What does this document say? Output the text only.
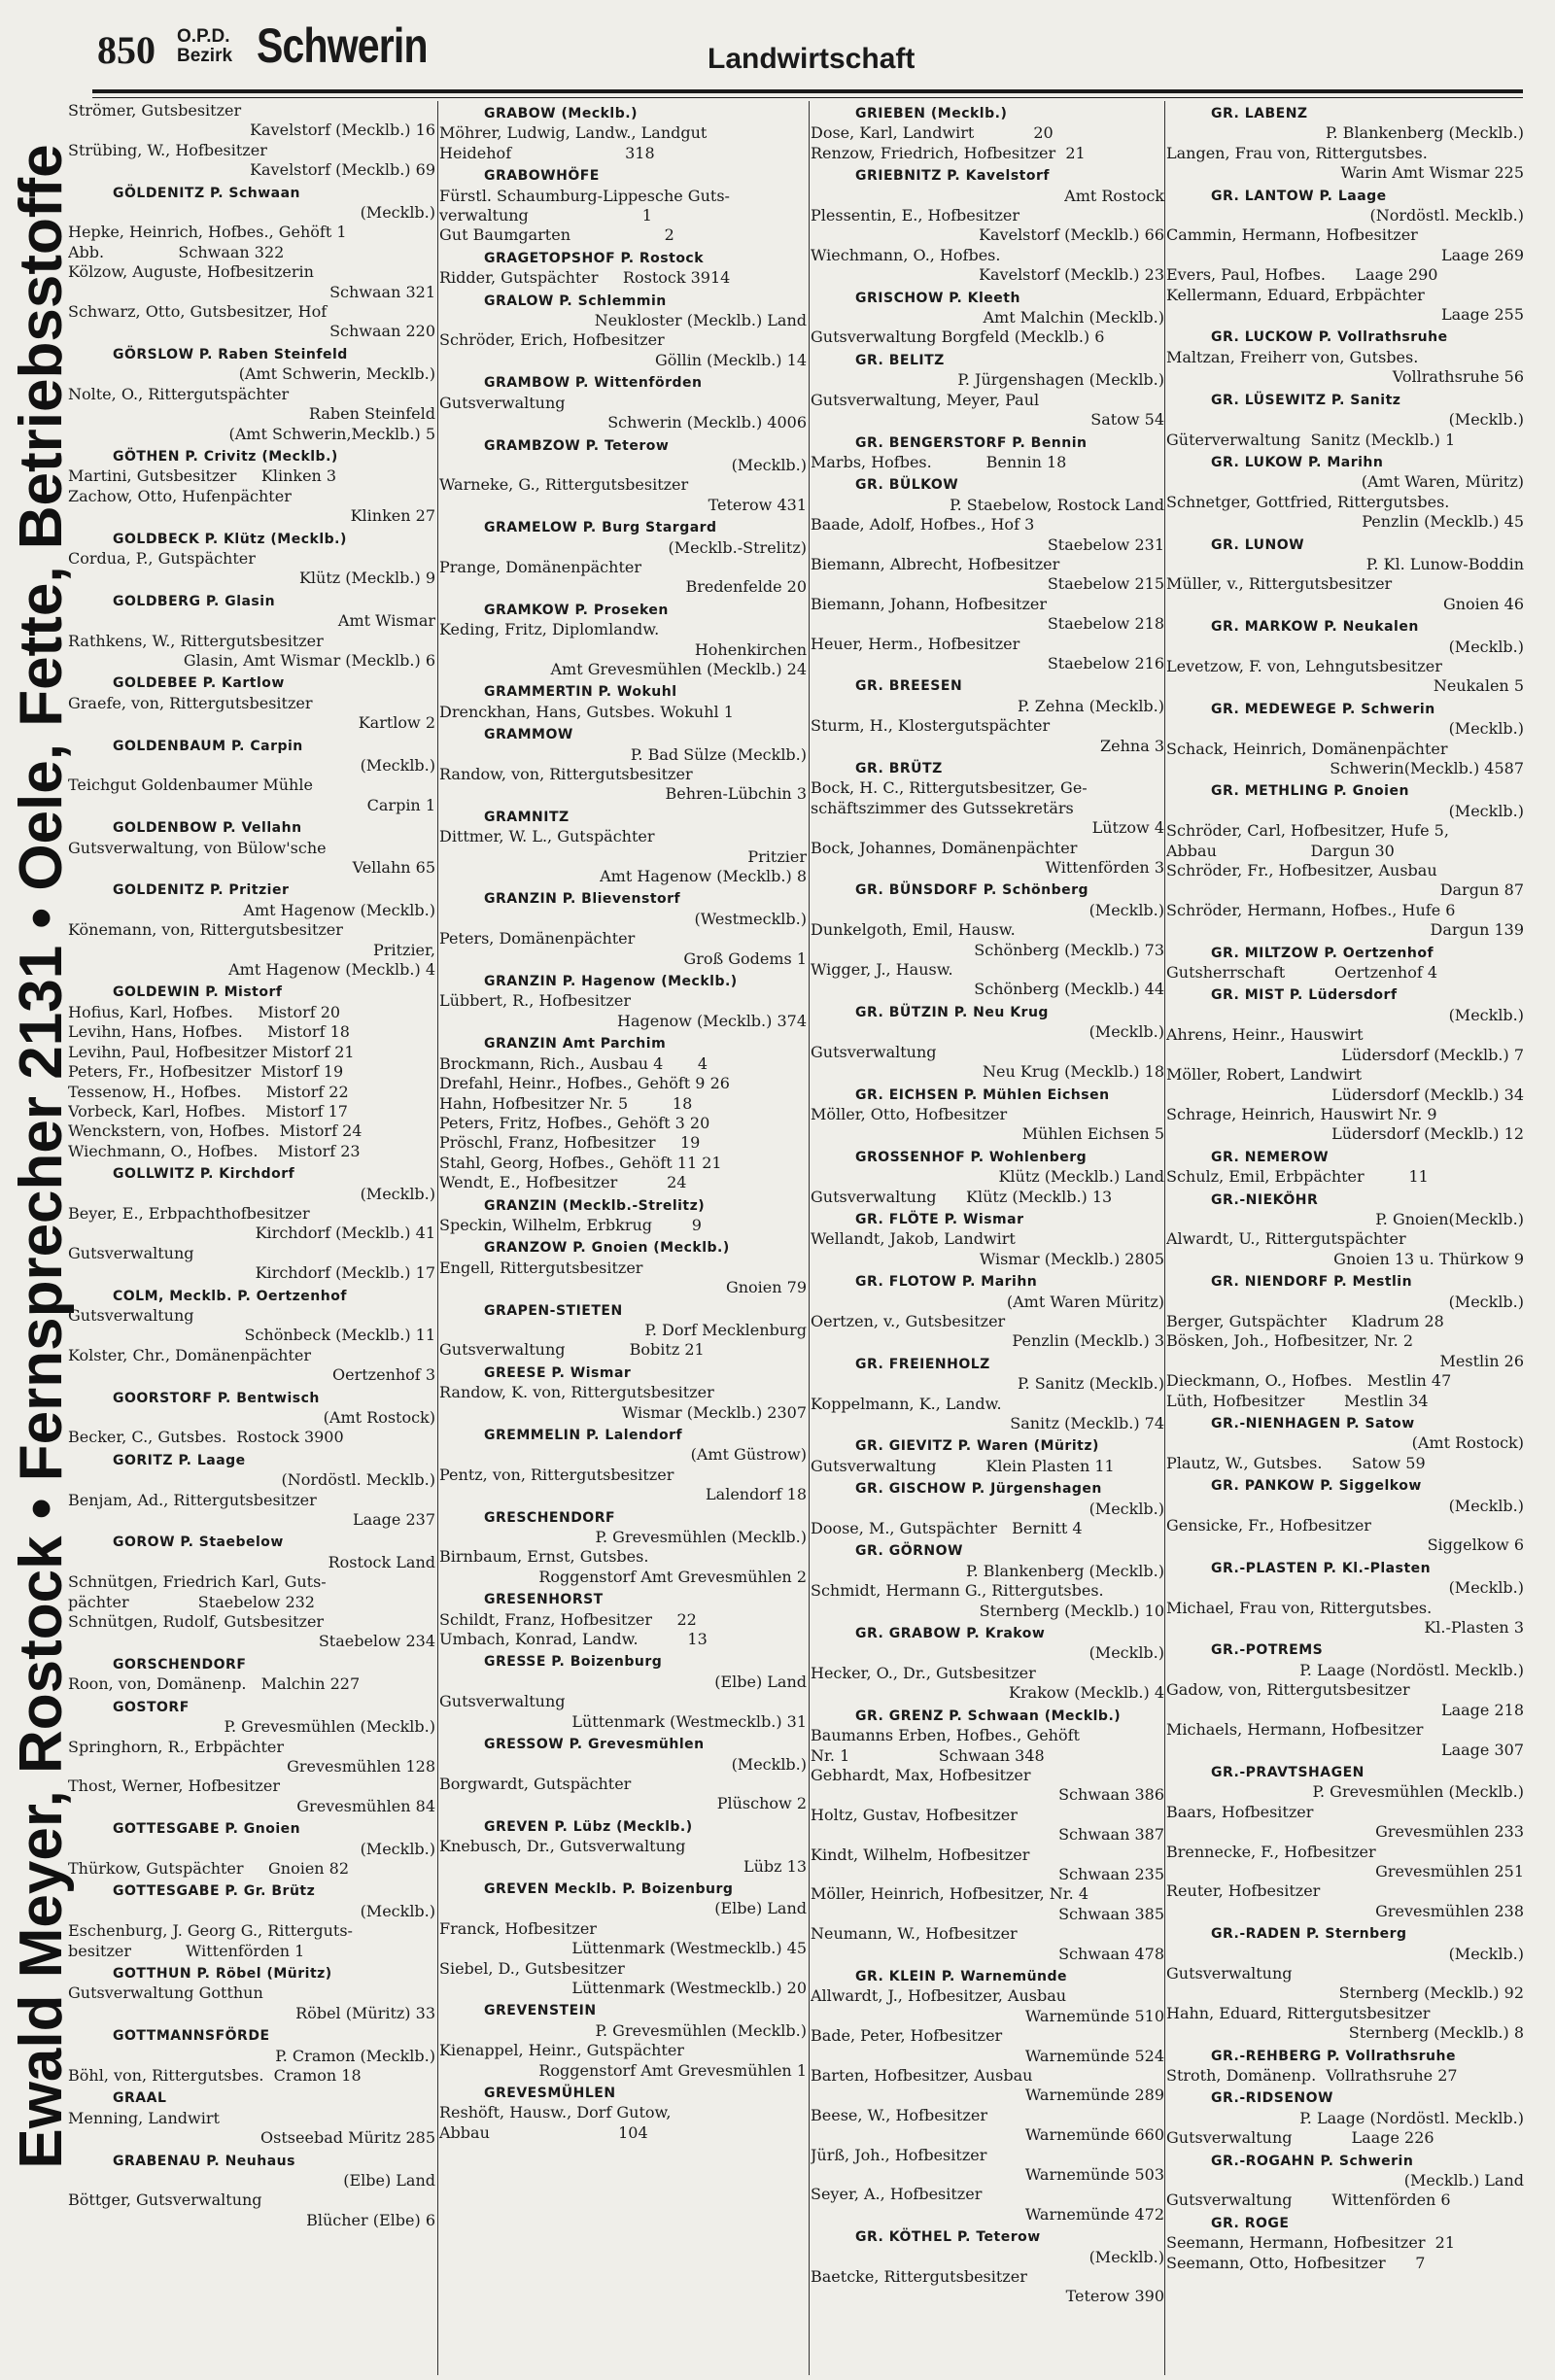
850 O.P.D.
Bezirk Schwerin	Landwirtschaft
Ewald Meyer, Rostock • Fernsprecher 2131 • Oele, Fette, Betriebsstoffe
Strömer, Gutsbesitzer
Kavelstorf (Mecklb.) 16
Strübing, W., Hofbesitzer
Kavelstorf (Mecklb.) 69
GÖLDENITZ P. Schwaan
(Mecklb.)
Hepke, Heinrich, Hofbes., Gehöft 1
Abb.               Schwaan 322
Kölzow, Auguste, Hofbesitzerin
Schwaan 321
Schwarz, Otto, Gutsbesitzer, Hof
Schwaan 220
GÖRSLOW P. Raben Steinfeld
(Amt Schwerin, Mecklb.)
Nolte, O., Rittergutspächter
Raben Steinfeld
(Amt Schwerin,Mecklb.) 5
GÖTHEN P. Crivitz (Mecklb.)
Martini, Gutsbesitzer     Klinken 3
Zachow, Otto, Hufenpächter
Klinken 27
GOLDBECK P. Klütz (Mecklb.)
Cordua, P., Gutspächter
Klütz (Mecklb.) 9
GOLDBERG P. Glasin
Amt Wismar
Rathkens, W., Rittergutsbesitzer
Glasin, Amt Wismar (Mecklb.) 6
GOLDEBEE P. Kartlow
Graefe, von, Rittergutsbesitzer
Kartlow 2
GOLDENBAUM P. Carpin
(Mecklb.)
Teichgut Goldenbaumer Mühle
Carpin 1
GOLDENBOW P. Vellahn
Gutsverwaltung, von Bülow'sche
Vellahn 65
GOLDENITZ P. Pritzier
Amt Hagenow (Mecklb.)
Könemann, von, Rittergutsbesitzer
Pritzier,
Amt Hagenow (Mecklb.) 4
GOLDEWIN P. Mistorf
Hofius, Karl, Hofbes.     Mistorf 20
Levihn, Hans, Hofbes.     Mistorf 18
Levihn, Paul, Hofbesitzer Mistorf 21
Peters, Fr., Hofbesitzer  Mistorf 19
Tessenow, H., Hofbes.     Mistorf 22
Vorbeck, Karl, Hofbes.    Mistorf 17
Wenckstern, von, Hofbes.  Mistorf 24
Wiechmann, O., Hofbes.    Mistorf 23
GOLLWITZ P. Kirchdorf
(Mecklb.)
Beyer, E., Erbpachthofbesitzer
Kirchdorf (Mecklb.) 41
Gutsverwaltung
Kirchdorf (Mecklb.) 17
COLM, Mecklb. P. Oertzenhof
Gutsverwaltung
Schönbeck (Mecklb.) 11
Kolster, Chr., Domänenpächter
Oertzenhof 3
GOORSTORF P. Bentwisch
(Amt Rostock)
Becker, C., Gutsbes.  Rostock 3900
GORITZ P. Laage
(Nordöstl. Mecklb.)
Benjam, Ad., Rittergutsbesitzer
Laage 237
GOROW P. Staebelow
Rostock Land
Schnütgen, Friedrich Karl, Guts-
pächter              Staebelow 232
Schnütgen, Rudolf, Gutsbesitzer
Staebelow 234
GORSCHENDORF
Roon, von, Domänenp.   Malchin 227
GOSTORF
P. Grevesmühlen (Mecklb.)
Springhorn, R., Erbpächter
Grevesmühlen 128
Thost, Werner, Hofbesitzer
Grevesmühlen 84
GOTTESGABE P. Gnoien
(Mecklb.)
Thürkow, Gutspächter     Gnoien 82
GOTTESGABE P. Gr. Brütz
(Mecklb.)
Eschenburg, J. Georg G., Ritterguts-
besitzer           Wittenförden 1
GOTTHUN P. Röbel (Müritz)
Gutsverwaltung Gotthun
Röbel (Müritz) 33
GOTTMANNSFÖRDE
P. Cramon (Mecklb.)
Böhl, von, Rittergutsbes.  Cramon 18
GRAAL
Menning, Landwirt
Ostseebad Müritz 285
GRABENAU P. Neuhaus
(Elbe) Land
Böttger, Gutsverwaltung
Blücher (Elbe) 6
GRABOW (Mecklb.)
Möhrer, Ludwig, Landw., Landgut
Heidehof                       318
GRABOWHÖFE
Fürstl. Schaumburg-Lippesche Guts-
verwaltung                       1
Gut Baumgarten                   2
GRAGETOPSHOF P. Rostock
Ridder, Gutspächter     Rostock 3914
GRALOW P. Schlemmin
Neukloster (Mecklb.) Land
Schröder, Erich, Hofbesitzer
Göllin (Mecklb.) 14
GRAMBOW P. Wittenförden
Gutsverwaltung
Schwerin (Mecklb.) 4006
GRAMBZOW P. Teterow
(Mecklb.)
Warneke, G., Rittergutsbesitzer
Teterow 431
GRAMELOW P. Burg Stargard
(Mecklb.-Strelitz)
Prange, Domänenpächter
Bredenfelde 20
GRAMKOW P. Proseken
Keding, Fritz, Diplomlandw.
Hohenkirchen
Amt Grevesmühlen (Mecklb.) 24
GRAMMERTIN P. Wokuhl
Drenckhan, Hans, Gutsbes. Wokuhl 1
GRAMMOW
P. Bad Sülze (Mecklb.)
Randow, von, Rittergutsbesitzer
Behren-Lübchin 3
GRAMNITZ
Dittmer, W. L., Gutspächter
Pritzier
Amt Hagenow (Mecklb.) 8
GRANZIN P. Blievenstorf
(Westmecklb.)
Peters, Domänenpächter
Groß Godems 1
GRANZIN P. Hagenow (Mecklb.)
Lübbert, R., Hofbesitzer
Hagenow (Mecklb.) 374
GRANZIN Amt Parchim
Brockmann, Rich., Ausbau 4       4
Drefahl, Heinr., Hofbes., Gehöft 9 26
Hahn, Hofbesitzer Nr. 5         18
Peters, Fritz, Hofbes., Gehöft 3 20
Pröschl, Franz, Hofbesitzer     19
Stahl, Georg, Hofbes., Gehöft 11 21
Wendt, E., Hofbesitzer          24
GRANZIN (Mecklb.-Strelitz)
Speckin, Wilhelm, Erbkrug        9
GRANZOW P. Gnoien (Mecklb.)
Engell, Rittergutsbesitzer
Gnoien 79
GRAPEN-STIETEN
P. Dorf Mecklenburg
Gutsverwaltung             Bobitz 21
GREESE P. Wismar
Randow, K. von, Rittergutsbesitzer
Wismar (Mecklb.) 2307
GREMMELIN P. Lalendorf
(Amt Güstrow)
Pentz, von, Rittergutsbesitzer
Lalendorf 18
GRESCHENDORF
P. Grevesmühlen (Mecklb.)
Birnbaum, Ernst, Gutsbes.
Roggenstorf Amt Grevesmühlen 2
GRESENHORST
Schildt, Franz, Hofbesitzer     22
Umbach, Konrad, Landw.          13
GRESSE P. Boizenburg
(Elbe) Land
Gutsverwaltung
Lüttenmark (Westmecklb.) 31
GRESSOW P. Grevesmühlen
(Mecklb.)
Borgwardt, Gutspächter
Plüschow 2
GREVEN P. Lübz (Mecklb.)
Knebusch, Dr., Gutsverwaltung
Lübz 13
GREVEN Mecklb. P. Boizenburg
(Elbe) Land
Franck, Hofbesitzer
Lüttenmark (Westmecklb.) 45
Siebel, D., Gutsbesitzer
Lüttenmark (Westmecklb.) 20
GREVENSTEIN
P. Grevesmühlen (Mecklb.)
Kienappel, Heinr., Gutspächter
Roggenstorf Amt Grevesmühlen 1
GREVESMÜHLEN
Reshöft, Hausw., Dorf Gutow,
Abbau                          104
GRIEBEN (Mecklb.)
Dose, Karl, Landwirt            20
Renzow, Friedrich, Hofbesitzer  21
GRIEBNITZ P. Kavelstorf
Amt Rostock
Plessentin, E., Hofbesitzer
Kavelstorf (Mecklb.) 66
Wiechmann, O., Hofbes.
Kavelstorf (Mecklb.) 23
GRISCHOW P. Kleeth
Amt Malchin (Mecklb.)
Gutsverwaltung Borgfeld (Mecklb.) 6
GR. BELITZ
P. Jürgenshagen (Mecklb.)
Gutsverwaltung, Meyer, Paul
Satow 54
GR. BENGERSTORF P. Bennin
Marbs, Hofbes.           Bennin 18
GR. BÜLKOW
P. Staebelow, Rostock Land
Baade, Adolf, Hofbes., Hof 3
Staebelow 231
Biemann, Albrecht, Hofbesitzer
Staebelow 215
Biemann, Johann, Hofbesitzer
Staebelow 218
Heuer, Herm., Hofbesitzer
Staebelow 216
GR. BREESEN
P. Zehna (Mecklb.)
Sturm, H., Klostergutspächter
Zehna 3
GR. BRÜTZ
Bock, H. C., Rittergutsbesitzer, Ge-
schäftszimmer des Gutssekretärs
Lützow 4
Bock, Johannes, Domänenpächter
Wittenförden 3
GR. BÜNSDORF P. Schönberg
(Mecklb.)
Dunkelgoth, Emil, Hausw.
Schönberg (Mecklb.) 73
Wigger, J., Hausw.
Schönberg (Mecklb.) 44
GR. BÜTZIN P. Neu Krug
(Mecklb.)
Gutsverwaltung
Neu Krug (Mecklb.) 18
GR. EICHSEN P. Mühlen Eichsen
Möller, Otto, Hofbesitzer
Mühlen Eichsen 5
GROSSENHOF P. Wohlenberg
Klütz (Mecklb.) Land
Gutsverwaltung      Klütz (Mecklb.) 13
GR. FLÖTE P. Wismar
Wellandt, Jakob, Landwirt
Wismar (Mecklb.) 2805
GR. FLOTOW P. Marihn
(Amt Waren Müritz)
Oertzen, v., Gutsbesitzer
Penzlin (Mecklb.) 3
GR. FREIENHOLZ
P. Sanitz (Mecklb.)
Koppelmann, K., Landw.
Sanitz (Mecklb.) 74
GR. GIEVITZ P. Waren (Müritz)
Gutsverwaltung          Klein Plasten 11
GR. GISCHOW P. Jürgenshagen
(Mecklb.)
Doose, M., Gutspächter   Bernitt 4
GR. GÖRNOW
P. Blankenberg (Mecklb.)
Schmidt, Hermann G., Rittergutsbes.
Sternberg (Mecklb.) 10
GR. GRABOW P. Krakow
(Mecklb.)
Hecker, O., Dr., Gutsbesitzer
Krakow (Mecklb.) 4
GR. GRENZ P. Schwaan (Mecklb.)
Baumanns Erben, Hofbes., Gehöft
Nr. 1                  Schwaan 348
Gebhardt, Max, Hofbesitzer
Schwaan 386
Holtz, Gustav, Hofbesitzer
Schwaan 387
Kindt, Wilhelm, Hofbesitzer
Schwaan 235
Möller, Heinrich, Hofbesitzer, Nr. 4
Schwaan 385
Neumann, W., Hofbesitzer
Schwaan 478
GR. KLEIN P. Warnemünde
Allwardt, J., Hofbesitzer, Ausbau
Warnemünde 510
Bade, Peter, Hofbesitzer
Warnemünde 524
Barten, Hofbesitzer, Ausbau
Warnemünde 289
Beese, W., Hofbesitzer
Warnemünde 660
Jürß, Joh., Hofbesitzer
Warnemünde 503
Seyer, A., Hofbesitzer
Warnemünde 472
GR. KÖTHEL P. Teterow
(Mecklb.)
Baetcke, Rittergutsbesitzer
Teterow 390
GR. LABENZ
P. Blankenberg (Mecklb.)
Langen, Frau von, Rittergutsbes.
Warin Amt Wismar 225
GR. LANTOW P. Laage
(Nordöstl. Mecklb.)
Cammin, Hermann, Hofbesitzer
Laage 269
Evers, Paul, Hofbes.      Laage 290
Kellermann, Eduard, Erbpächter
Laage 255
GR. LUCKOW P. Vollrathsruhe
Maltzan, Freiherr von, Gutsbes.
Vollrathsruhe 56
GR. LÜSEWITZ P. Sanitz
(Mecklb.)
Güterverwaltung  Sanitz (Mecklb.) 1
GR. LUKOW P. Marihn
(Amt Waren, Müritz)
Schnetger, Gottfried, Rittergutsbes.
Penzlin (Mecklb.) 45
GR. LUNOW
P. Kl. Lunow-Boddin
Müller, v., Rittergutsbesitzer
Gnoien 46
GR. MARKOW P. Neukalen
(Mecklb.)
Levetzow, F. von, Lehngutsbesitzer
Neukalen 5
GR. MEDEWEGE P. Schwerin
(Mecklb.)
Schack, Heinrich, Domänenpächter
Schwerin(Mecklb.) 4587
GR. METHLING P. Gnoien
(Mecklb.)
Schröder, Carl, Hofbesitzer, Hufe 5,
Abbau                   Dargun 30
Schröder, Fr., Hofbesitzer, Ausbau
Dargun 87
Schröder, Hermann, Hofbes., Hufe 6
Dargun 139
GR. MILTZOW P. Oertzenhof
Gutsherrschaft          Oertzenhof 4
GR. MIST P. Lüdersdorf
(Mecklb.)
Ahrens, Heinr., Hauswirt
Lüdersdorf (Mecklb.) 7
Möller, Robert, Landwirt
Lüdersdorf (Mecklb.) 34
Schrage, Heinrich, Hauswirt Nr. 9
Lüdersdorf (Mecklb.) 12
GR. NEMEROW
Schulz, Emil, Erbpächter         11
GR.-NIEKÖHR
P. Gnoien(Mecklb.)
Alwardt, U., Rittergutspächter
Gnoien 13 u. Thürkow 9
GR. NIENDORF P. Mestlin
(Mecklb.)
Berger, Gutspächter     Kladrum 28
Bösken, Joh., Hofbesitzer, Nr. 2
Mestlin 26
Dieckmann, O., Hofbes.   Mestlin 47
Lüth, Hofbesitzer        Mestlin 34
GR.-NIENHAGEN P. Satow
(Amt Rostock)
Plautz, W., Gutsbes.      Satow 59
GR. PANKOW P. Siggelkow
(Mecklb.)
Gensicke, Fr., Hofbesitzer
Siggelkow 6
GR.-PLASTEN P. Kl.-Plasten
(Mecklb.)
Michael, Frau von, Rittergutsbes.
Kl.-Plasten 3
GR.-POTREMS
P. Laage (Nordöstl. Mecklb.)
Gadow, von, Rittergutsbesitzer
Laage 218
Michaels, Hermann, Hofbesitzer
Laage 307
GR.-PRAVTSHAGEN
P. Grevesmühlen (Mecklb.)
Baars, Hofbesitzer
Grevesmühlen 233
Brennecke, F., Hofbesitzer
Grevesmühlen 251
Reuter, Hofbesitzer
Grevesmühlen 238
GR.-RADEN P. Sternberg
(Mecklb.)
Gutsverwaltung
Sternberg (Mecklb.) 92
Hahn, Eduard, Rittergutsbesitzer
Sternberg (Mecklb.) 8
GR.-REHBERG P. Vollrathsruhe
Stroth, Domänenp.  Vollrathsruhe 27
GR.-RIDSENOW
P. Laage (Nordöstl. Mecklb.)
Gutsverwaltung            Laage 226
GR.-ROGAHN P. Schwerin
(Mecklb.) Land
Gutsverwaltung        Wittenförden 6
GR. ROGE
Seemann, Hermann, Hofbesitzer  21
Seemann, Otto, Hofbesitzer      7
